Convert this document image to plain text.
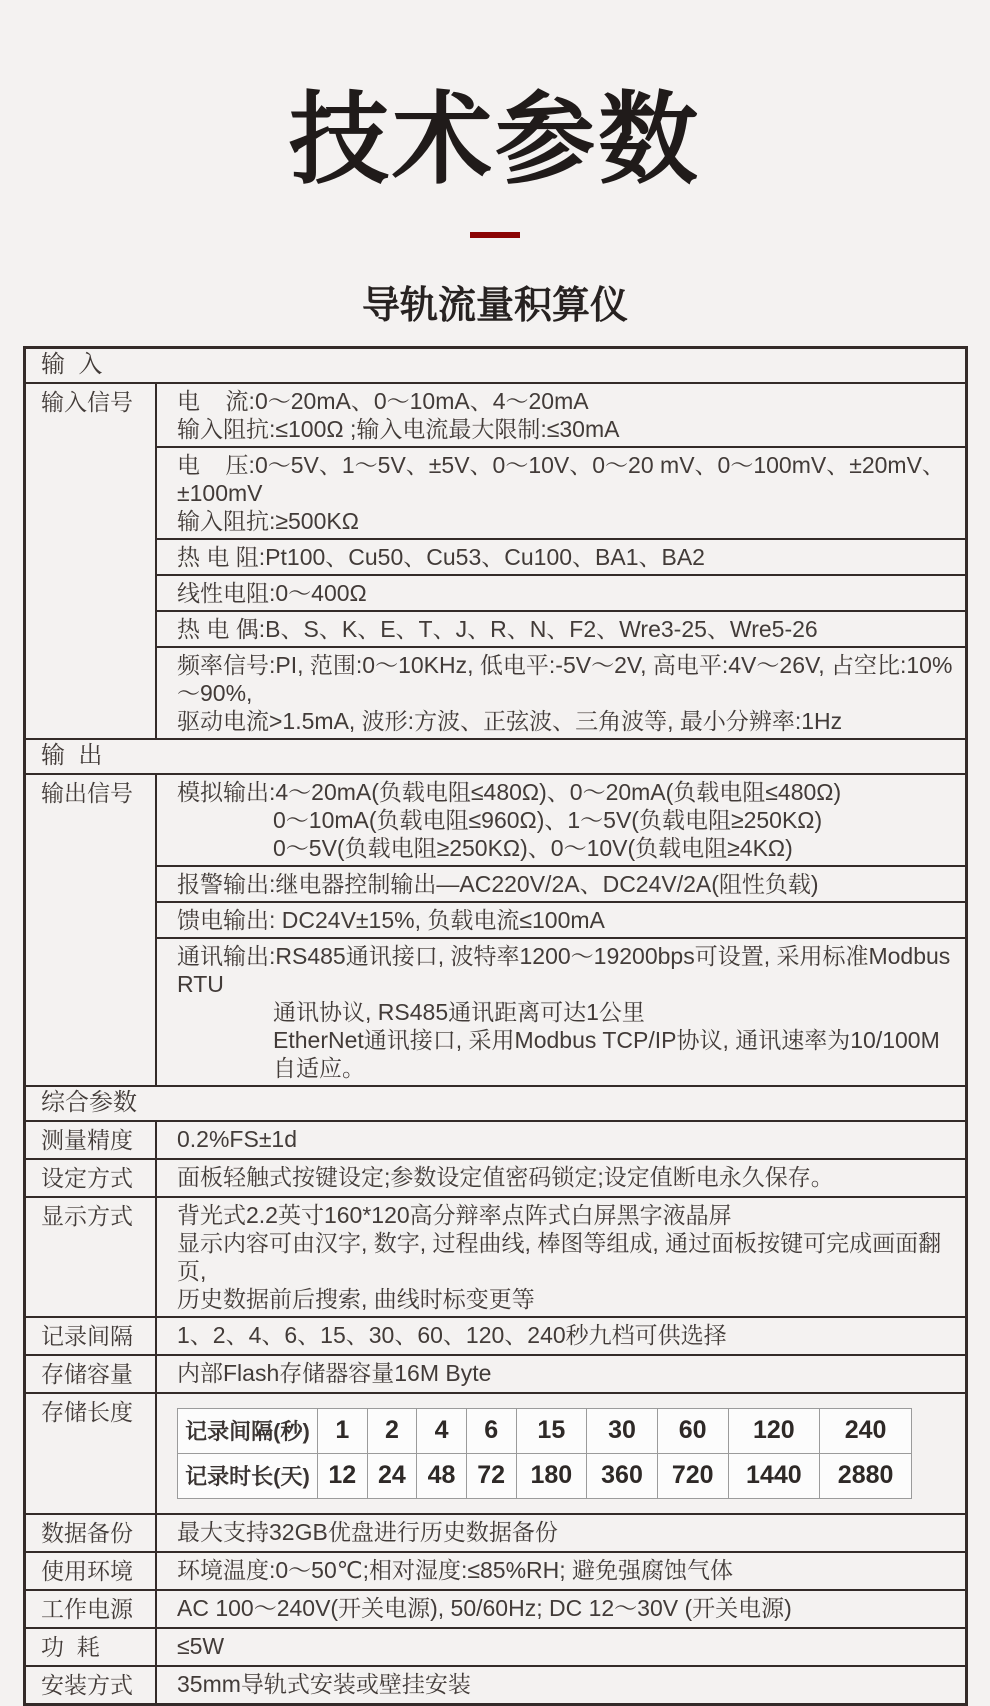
技术参数
导轨流量积算仪
输  入
输入信号	电    流:0～20mA、0～10mA、4～20mA
输入阻抗:≤100Ω ;输入电流最大限制:≤30mA
电    压:0～5V、1～5V、±5V、0～10V、0～20 mV、0～100mV、±20mV、±100mV
输入阻抗:≥500KΩ
热 电 阻:Pt100、Cu50、Cu53、Cu100、BA1、BA2
线性电阻:0～400Ω
热 电 偶:B、S、K、E、T、J、R、N、F2、Wre3-25、Wre5-26
频率信号:PI, 范围:0～10KHz, 低电平:-5V～2V, 高电平:4V～26V, 占空比:10%～90%,
驱动电流>1.5mA, 波形:方波、正弦波、三角波等, 最小分辨率:1Hz
输  出
输出信号	模拟输出:4～20mA(负载电阻≤480Ω)、0～20mA(负载电阻≤480Ω)
0～10mA(负载电阻≤960Ω)、1～5V(负载电阻≥250KΩ)
0～5V(负载电阻≥250KΩ)、0～10V(负载电阻≥4KΩ)
报警输出:继电器控制输出—AC220V/2A、DC24V/2A(阻性负载)
馈电输出: DC24V±15%, 负载电流≤100mA
通讯输出:RS485通讯接口, 波特率1200～19200bps可设置, 采用标准Modbus RTU
通讯协议, RS485通讯距离可达1公里
EtherNet通讯接口, 采用Modbus TCP/IP协议, 通讯速率为10/100M自适应。
综合参数
测量精度	0.2%FS±1d
设定方式	面板轻触式按键设定;参数设定值密码锁定;设定值断电永久保存。
显示方式	背光式2.2英寸160*120高分辩率点阵式白屏黑字液晶屏
显示内容可由汉字, 数字, 过程曲线, 棒图等组成, 通过面板按键可完成画面翻页,
历史数据前后搜索, 曲线时标变更等
记录间隔	1、2、4、6、15、30、60、120、240秒九档可供选择
存储容量	内部Flash存储器容量16M Byte
存储长度
记录间隔(秒)	1	2	4	6	15	30	60	120	240
记录时长(天)	12	24	48	72	180	360	720	1440	2880
数据备份	最大支持32GB优盘进行历史数据备份
使用环境	环境温度:0～50℃;相对湿度:≤85%RH; 避免强腐蚀气体
工作电源	AC 100～240V(开关电源), 50/60Hz; DC 12～30V (开关电源)
功  耗	≤5W
安装方式	35mm导轨式安装或壁挂安装
